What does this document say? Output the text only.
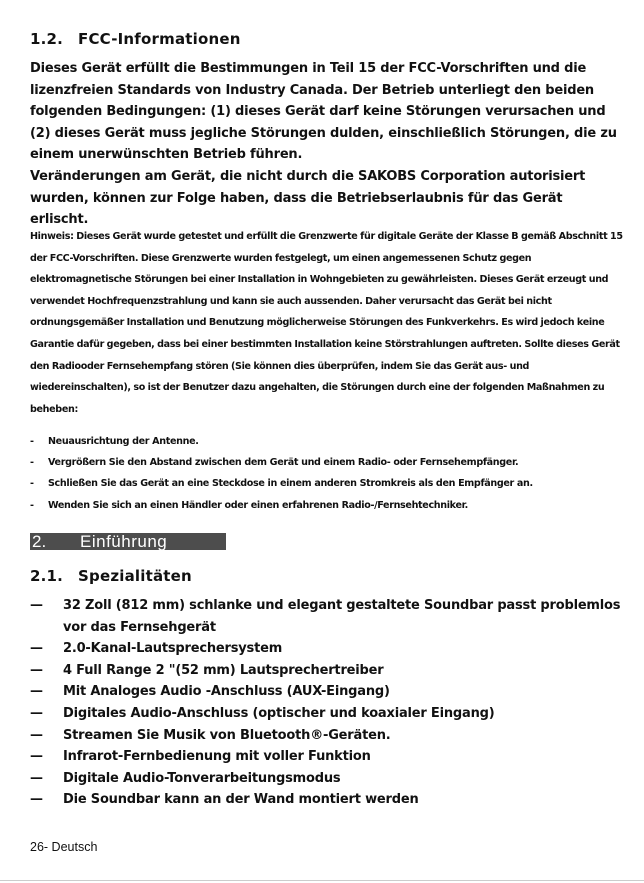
1.2. FCC-Informationen

Dieses Gerät erfüllt die Bestimmungen in Teil 15 der FCC-Vorschriften und die lizenzfreien Standards von Industry Canada. Der Betrieb unterliegt den beiden folgenden Bedingungen: (1) dieses Gerät darf keine Störungen verursachen und (2) dieses Gerät muss jegliche Störungen dulden, einschließlich Störungen, die zu einem unerwünschten Betrieb führen.

Veränderungen am Gerät, die nicht durch die SAKOBS Corporation autorisiert wurden, können zur Folge haben, dass die Betriebserlaubnis für das Gerät erlischt.

Hinweis: Dieses Gerät wurde getestet und erfüllt die Grenzwerte für digitale Geräte der Klasse B gemäß Abschnitt 15 der FCC-Vorschriften. Diese Grenzwerte wurden festgelegt, um einen angemessenen Schutz gegen elektromagnetische Störungen bei einer Installation in Wohngebieten zu gewährleisten. Dieses Gerät erzeugt und verwendet Hochfrequenzstrahlung und kann sie auch aussenden. Daher verursacht das Gerät bei nicht ordnungsgemäßer Installation und Benutzung möglicherweise Störungen des Funkverkehrs. Es wird jedoch keine Garantie dafür gegeben, dass bei einer bestimmten Installation keine Störstrahlungen auftreten. Sollte dieses Gerät den Radiooder Fernsehempfang stören (Sie können dies überprüfen, indem Sie das Gerät aus- und wiedereinschalten), so ist der Benutzer dazu angehalten, die Störungen durch eine der folgenden Maßnahmen zu beheben:

- Neuausrichtung der Antenne.
- Vergrößern Sie den Abstand zwischen dem Gerät und einem Radio- oder Fernsehempfänger.
- Schließen Sie das Gerät an eine Steckdose in einem anderen Stromkreis als den Empfänger an.
- Wenden Sie sich an einen Händler oder einen erfahrenen Radio-/Fernsehtechniker.
2. Einführung
2.1. Spezialitäten
— 32 Zoll (812 mm) schlanke und elegant gestaltete Soundbar passt problemlos vor das Fernsehgerät
— 2.0-Kanal-Lautsprechersystem
— 4 Full Range 2 "(52 mm) Lautsprechertreiber
— Mit Analoges Audio -Anschluss (AUX-Eingang)
— Digitales Audio-Anschluss (optischer und koaxialer Eingang)
— Streamen Sie Musik von Bluetooth®-Geräten.
— Infrarot-Fernbedienung mit voller Funktion
— Digitale Audio-Tonverarbeitungsmodus
— Die Soundbar kann an der Wand montiert werden

26- Deutsch
